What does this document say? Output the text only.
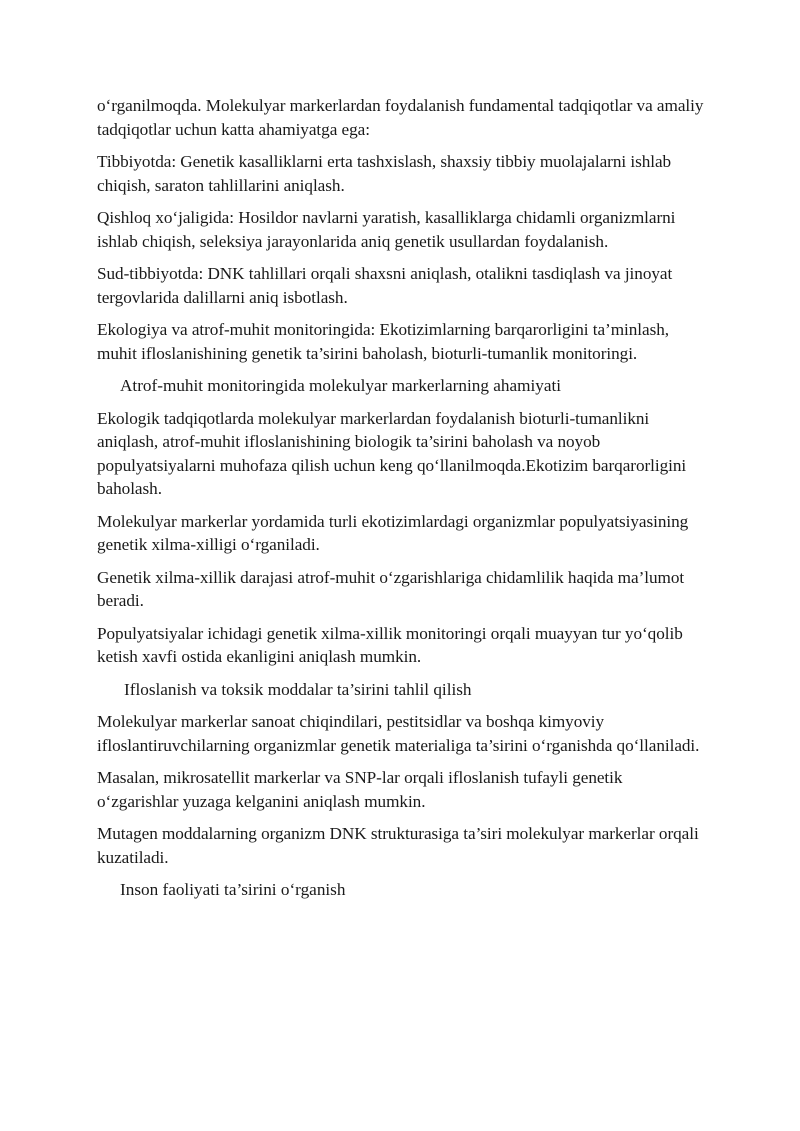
o‘rganilmoqda. Molekulyar markerlardan foydalanish fundamental tadqiqotlar va amaliy tadqiqotlar uchun katta ahamiyatga ega:

Tibbiyotda: Genetik kasalliklarni erta tashxislash, shaxsiy tibbiy muolajalarni ishlab chiqish, saraton tahlillarini aniqlash.

Qishloq xo‘jaligida: Hosildor navlarni yaratish, kasalliklarga chidamli organizmlarni ishlab chiqish, seleksiya jarayonlarida aniq genetik usullardan foydalanish.

Sud-tibbiyotda: DNK tahlillari orqali shaxsni aniqlash, otalikni tasdiqlash va jinoyat tergovlarida dalillarni aniq isbotlash.

Ekologiya va atrof-muhit monitoringida: Ekotizimlarning barqarorligini ta’minlash, muhit ifloslanishining genetik ta’sirini baholash, bioturli-tumanlik monitoringi.

Atrof-muhit monitoringida molekulyar markerlarning ahamiyati

Ekologik tadqiqotlarda molekulyar markerlardan foydalanish bioturli-tumanlikni aniqlash, atrof-muhit ifloslanishining biologik ta’sirini baholash va noyob populyatsiyalarni muhofaza qilish uchun keng qo‘llanilmoqda.Ekotizim barqarorligini baholash.

Molekulyar markerlar yordamida turli ekotizimlardagi organizmlar populyatsiyasining genetik xilma-xilligi o‘rganiladi.

Genetik xilma-xillik darajasi atrof-muhit o‘zgarishlariga chidamlilik haqida ma’lumot beradi.

Populyatsiyalar ichidagi genetik xilma-xillik monitoringi orqali muayyan tur yo‘qolib ketish xavfi ostida ekanligini aniqlash mumkin.

Ifloslanish va toksik moddalar ta’sirini tahlil qilish

Molekulyar markerlar sanoat chiqindilari, pestitsidlar va boshqa kimyoviy ifloslantiruvchilarning organizmlar genetik materialiga ta’sirini o‘rganishda qo‘llaniladi.

Masalan, mikrosatellit markerlar va SNP-lar orqali ifloslanish tufayli genetik o‘zgarishlar yuzaga kelganini aniqlash mumkin.

Mutagen moddalarning organizm DNK strukturasiga ta’siri molekulyar markerlar orqali kuzatiladi.

Inson faoliyati ta’sirini o‘rganish
